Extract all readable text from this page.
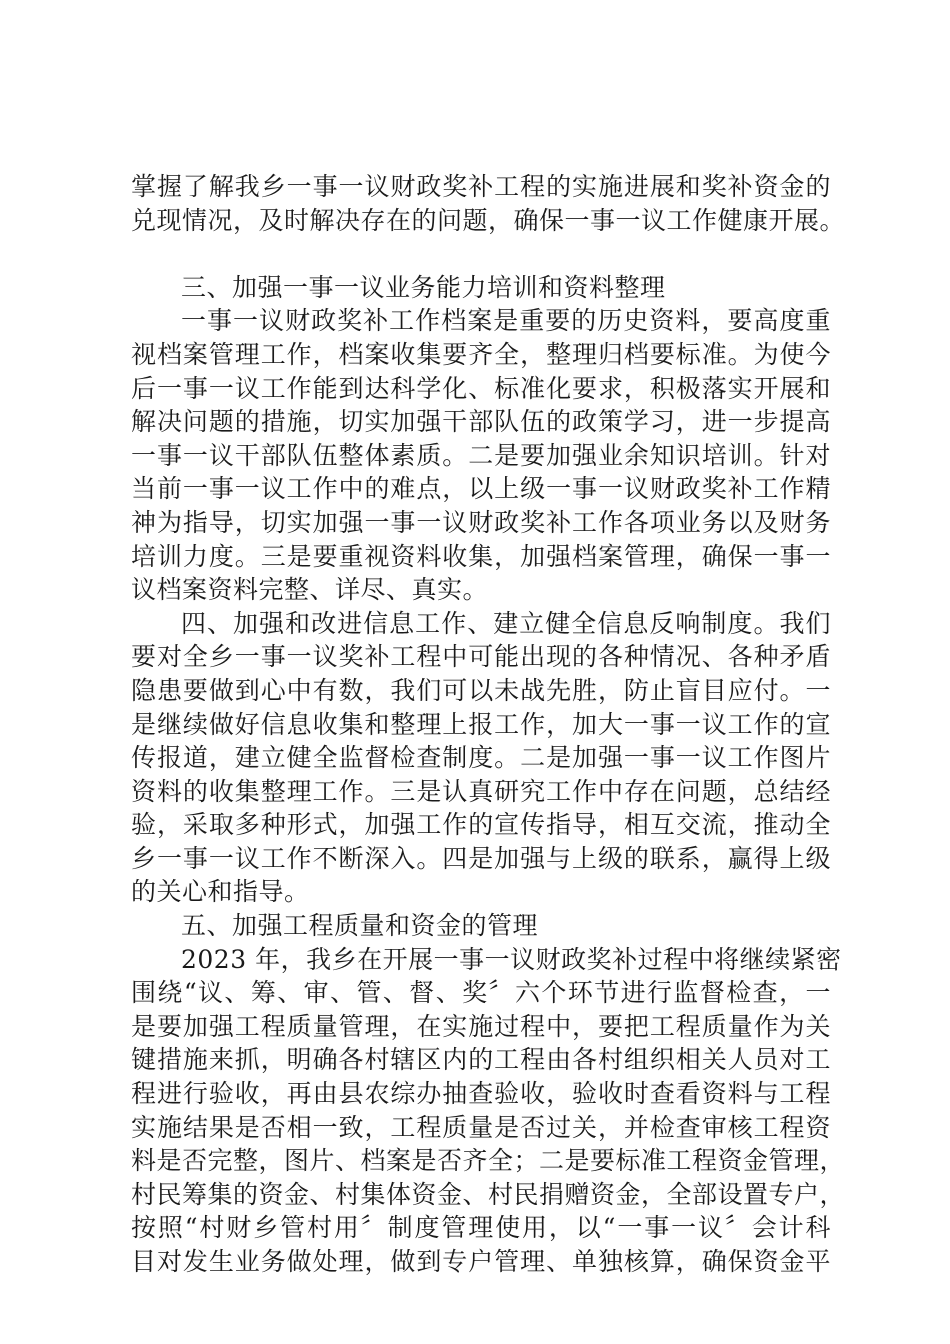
掌握了解我乡一事一议财政奖补工程的实施进展和奖补资金的
兑现情况，及时解决存在的问题，确保一事一议工作健康开展。
三、加强一事一议业务能力培训和资料整理
一事一议财政奖补工作档案是重要的历史资料，要高度重
视档案管理工作，档案收集要齐全，整理归档要标准。为使今
后一事一议工作能到达科学化、标准化要求，积极落实开展和
解决问题的措施，切实加强干部队伍的政策学习，进一步提高
一事一议干部队伍整体素质。二是要加强业余知识培训。针对
当前一事一议工作中的难点，以上级一事一议财政奖补工作精
神为指导，切实加强一事一议财政奖补工作各项业务以及财务
培训力度。三是要重视资料收集，加强档案管理，确保一事一
议档案资料完整、详尽、真实。
四、加强和改进信息工作、建立健全信息反响制度。我们
要对全乡一事一议奖补工程中可能出现的各种情况、各种矛盾
隐患要做到心中有数，我们可以未战先胜，防止盲目应付。一
是继续做好信息收集和整理上报工作，加大一事一议工作的宣
传报道，建立健全监督检查制度。二是加强一事一议工作图片
资料的收集整理工作。三是认真研究工作中存在问题，总结经
验，采取多种形式，加强工作的宣传指导，相互交流，推动全
乡一事一议工作不断深入。四是加强与上级的联系，赢得上级
的关心和指导。
五、加强工程质量和资金的管理
2023 年，我乡在开展一事一议财政奖补过程中将继续紧密
围绕“议、筹、审、管、督、奖〞六个环节进行监督检查，一
是要加强工程质量管理，在实施过程中，要把工程质量作为关
键措施来抓，明确各村辖区内的工程由各村组织相关人员对工
程进行验收，再由县农综办抽查验收，验收时查看资料与工程
实施结果是否相一致，工程质量是否过关，并检查审核工程资
料是否完整，图片、档案是否齐全；二是要标准工程资金管理，
村民筹集的资金、村集体资金、村民捐赠资金，全部设置专户，
按照“村财乡管村用〞制度管理使用，以“一事一议〞会计科
目对发生业务做处理，做到专户管理、单独核算，确保资金平
